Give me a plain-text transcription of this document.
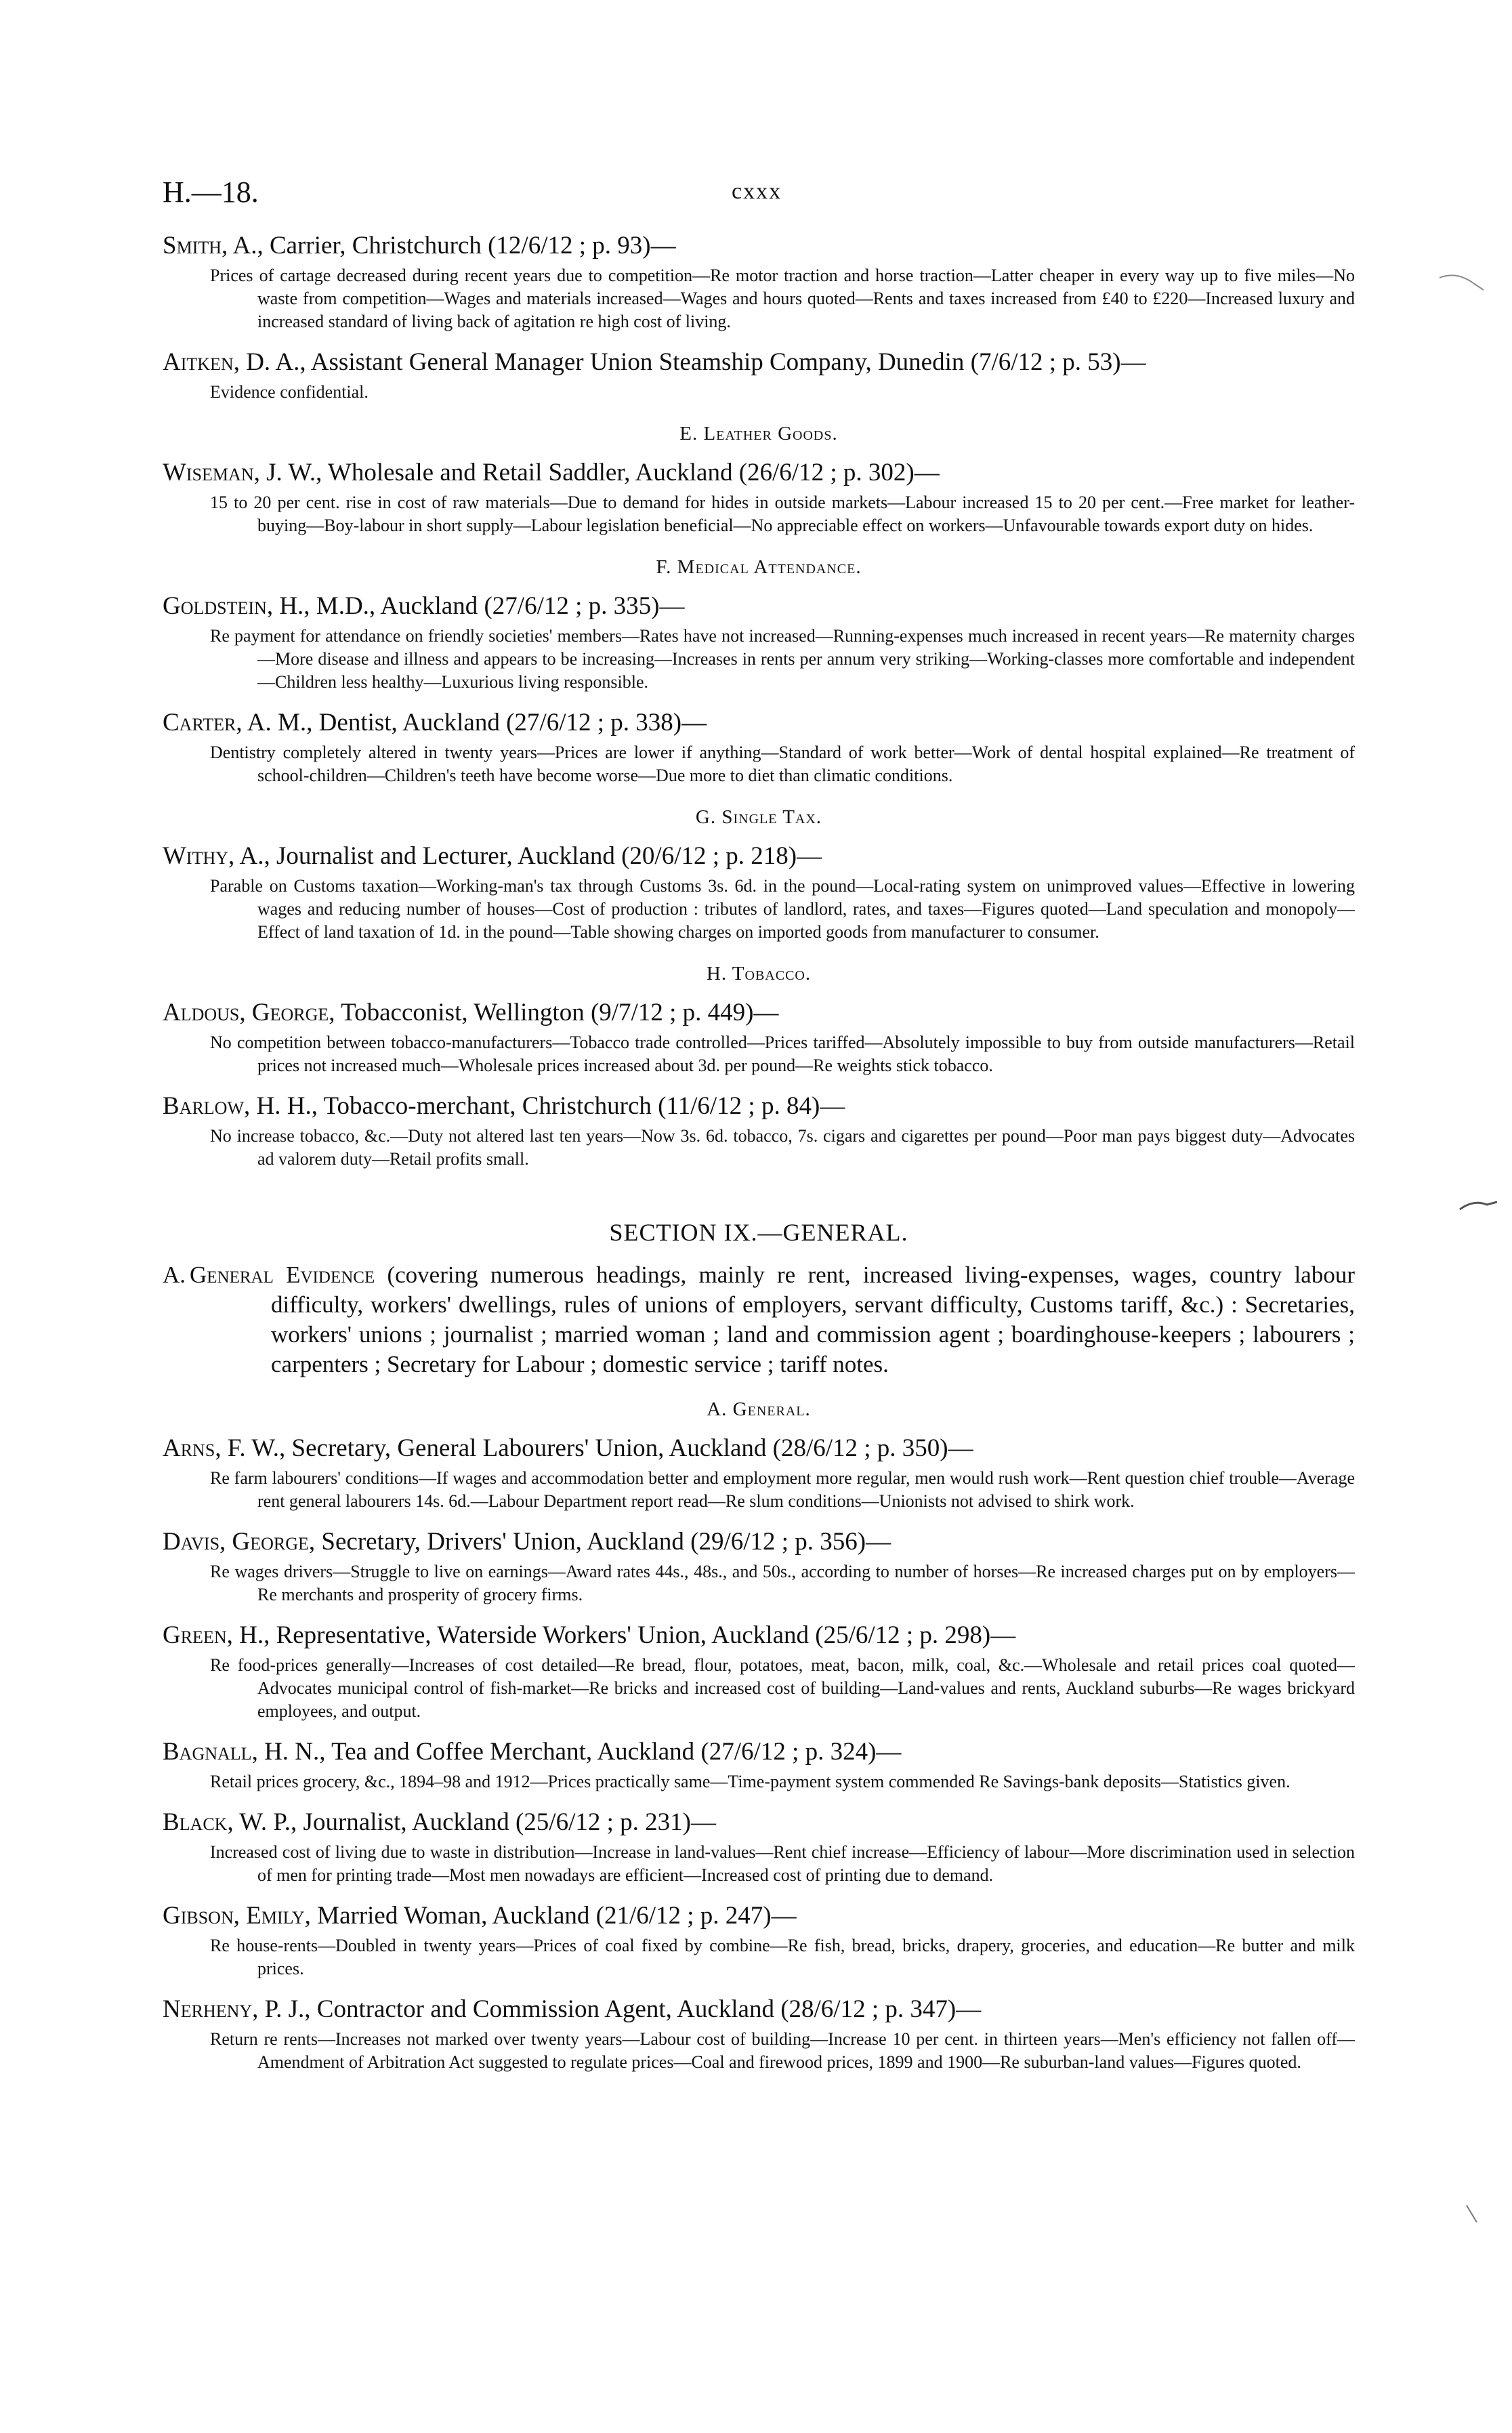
H.—18.	cxxx

Smith, A., Carrier, Christchurch (12/6/12 ; p. 93)—

Prices of cartage decreased during recent years due to competition—Re motor traction and horse traction—Latter cheaper in every way up to five miles—No waste from competition—Wages and materials increased—Wages and hours quoted—Rents and taxes increased from £40 to £220—Increased luxury and increased standard of living back of agitation re high cost of living.

Aitken, D. A., Assistant General Manager Union Steamship Company, Dunedin (7/6/12 ; p. 53)—

Evidence confidential.

E. Leather Goods.

Wiseman, J. W., Wholesale and Retail Saddler, Auckland (26/6/12 ; p. 302)—

15 to 20 per cent. rise in cost of raw materials—Due to demand for hides in outside markets—Labour increased 15 to 20 per cent.—Free market for leather-buying—Boy-labour in short supply—Labour legislation beneficial—No appreciable effect on workers—Unfavourable towards export duty on hides.

F. Medical Attendance.

Goldstein, H., M.D., Auckland (27/6/12 ; p. 335)—

Re payment for attendance on friendly societies' members—Rates have not increased—Running-expenses much increased in recent years—Re maternity charges—More disease and illness and appears to be increasing—Increases in rents per annum very striking—Working-classes more comfortable and independent—Children less healthy—Luxurious living responsible.

Carter, A. M., Dentist, Auckland (27/6/12 ; p. 338)—

Dentistry completely altered in twenty years—Prices are lower if anything—Standard of work better—Work of dental hospital explained—Re treatment of school-children—Children's teeth have become worse—Due more to diet than climatic conditions.

G. Single Tax.

Withy, A., Journalist and Lecturer, Auckland (20/6/12 ; p. 218)—

Parable on Customs taxation—Working-man's tax through Customs 3s. 6d. in the pound—Local-rating system on unimproved values—Effective in lowering wages and reducing number of houses—Cost of production : tributes of landlord, rates, and taxes—Figures quoted—Land speculation and monopoly—Effect of land taxation of 1d. in the pound—Table showing charges on imported goods from manufacturer to consumer.

H. Tobacco.

Aldous, George, Tobacconist, Wellington (9/7/12 ; p. 449)—

No competition between tobacco-manufacturers—Tobacco trade controlled—Prices tariffed—Absolutely impossible to buy from outside manufacturers—Retail prices not increased much—Wholesale prices increased about 3d. per pound—Re weights stick tobacco.

Barlow, H. H., Tobacco-merchant, Christchurch (11/6/12 ; p. 84)—

No increase tobacco, &c.—Duty not altered last ten years—Now 3s. 6d. tobacco, 7s. cigars and cigarettes per pound—Poor man pays biggest duty—Advocates ad valorem duty—Retail profits small.

SECTION IX.—GENERAL.

A. General Evidence (covering numerous headings, mainly re rent, increased living-expenses, wages, country labour difficulty, workers' dwellings, rules of unions of employers, servant difficulty, Customs tariff, &c.) : Secretaries, workers' unions ; journalist ; married woman ; land and commission agent ; boardinghouse-keepers ; labourers ; carpenters ; Secretary for Labour ; domestic service ; tariff notes.

A. General.

Arns, F. W., Secretary, General Labourers' Union, Auckland (28/6/12 ; p. 350)—

Re farm labourers' conditions—If wages and accommodation better and employment more regular, men would rush work—Rent question chief trouble—Average rent general labourers 14s. 6d.—Labour Department report read—Re slum conditions—Unionists not advised to shirk work.

Davis, George, Secretary, Drivers' Union, Auckland (29/6/12 ; p. 356)—

Re wages drivers—Struggle to live on earnings—Award rates 44s., 48s., and 50s., according to number of horses—Re increased charges put on by employers—Re merchants and prosperity of grocery firms.

Green, H., Representative, Waterside Workers' Union, Auckland (25/6/12 ; p. 298)—

Re food-prices generally—Increases of cost detailed—Re bread, flour, potatoes, meat, bacon, milk, coal, &c.—Wholesale and retail prices coal quoted—Advocates municipal control of fish-market—Re bricks and increased cost of building—Land-values and rents, Auckland suburbs—Re wages brickyard employees, and output.

Bagnall, H. N., Tea and Coffee Merchant, Auckland (27/6/12 ; p. 324)—

Retail prices grocery, &c., 1894–98 and 1912—Prices practically same—Time-payment system commended Re Savings-bank deposits—Statistics given.

Black, W. P., Journalist, Auckland (25/6/12 ; p. 231)—

Increased cost of living due to waste in distribution—Increase in land-values—Rent chief increase—Efficiency of labour—More discrimination used in selection of men for printing trade—Most men nowadays are efficient—Increased cost of printing due to demand.

Gibson, Emily, Married Woman, Auckland (21/6/12 ; p. 247)—

Re house-rents—Doubled in twenty years—Prices of coal fixed by combine—Re fish, bread, bricks, drapery, groceries, and education—Re butter and milk prices.

Nerheny, P. J., Contractor and Commission Agent, Auckland (28/6/12 ; p. 347)—

Return re rents—Increases not marked over twenty years—Labour cost of building—Increase 10 per cent. in thirteen years—Men's efficiency not fallen off—Amendment of Arbitration Act suggested to regulate prices—Coal and firewood prices, 1899 and 1900—Re suburban-land values—Figures quoted.
